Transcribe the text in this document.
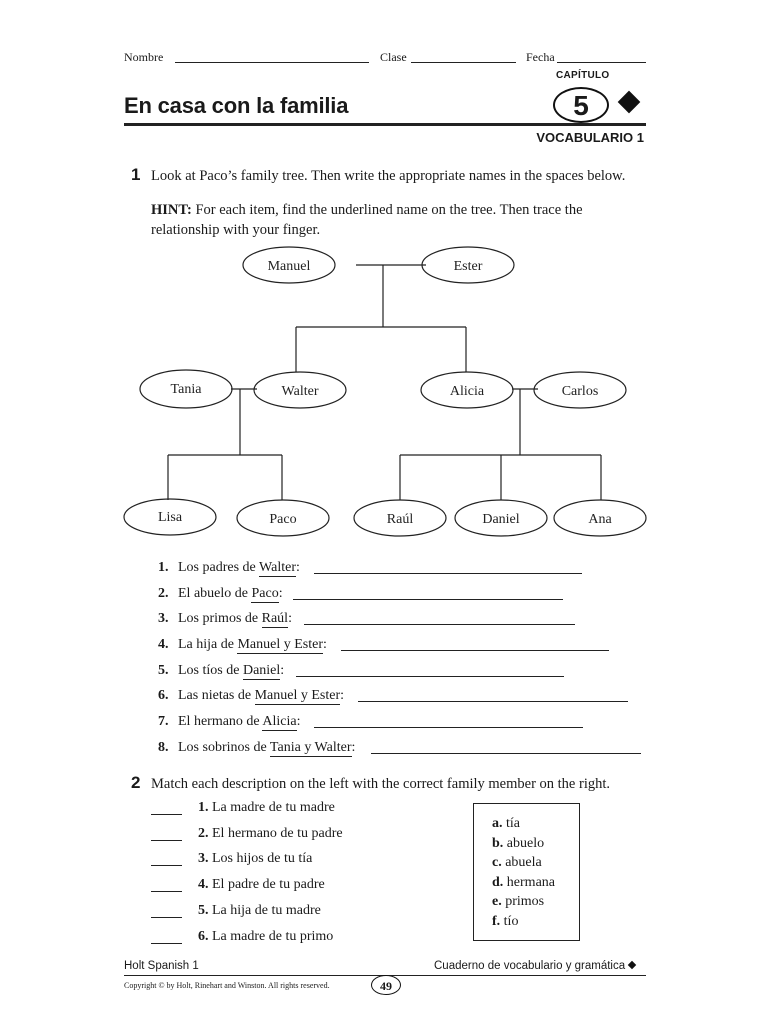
Nombre	Clase	Fecha
CAPÍTULO
En casa con la familia	5
VOCABULARIO 1
1 Look at Paco’s family tree. Then write the appropriate names in the spaces below.
HINT: For each item, find the underlined name on the tree. Then trace the relationship with your finger.
Manuel	Ester
Tania	Walter	Alicia	Carlos
Lisa	Paco	Raúl	Daniel	Ana
1. Los padres de Walter:
2. El abuelo de Paco:
3. Los primos de Raúl:
4. La hija de Manuel y Ester:
5. Los tíos de Daniel:
6. Las nietas de Manuel y Ester:
7. El hermano de Alicia:
8. Los sobrinos de Tania y Walter:
2 Match each description on the left with the correct family member on the right.
1. La madre de tu madre
2. El hermano de tu padre
3. Los hijos de tu tía
4. El padre de tu padre
5. La hija de tu madre
6. La madre de tu primo
a. tía
b. abuelo
c. abuela
d. hermana
e. primos
f. tío
Holt Spanish 1	Cuaderno de vocabulario y gramática
Copyright © by Holt, Rinehart and Winston. All rights reserved.	49
